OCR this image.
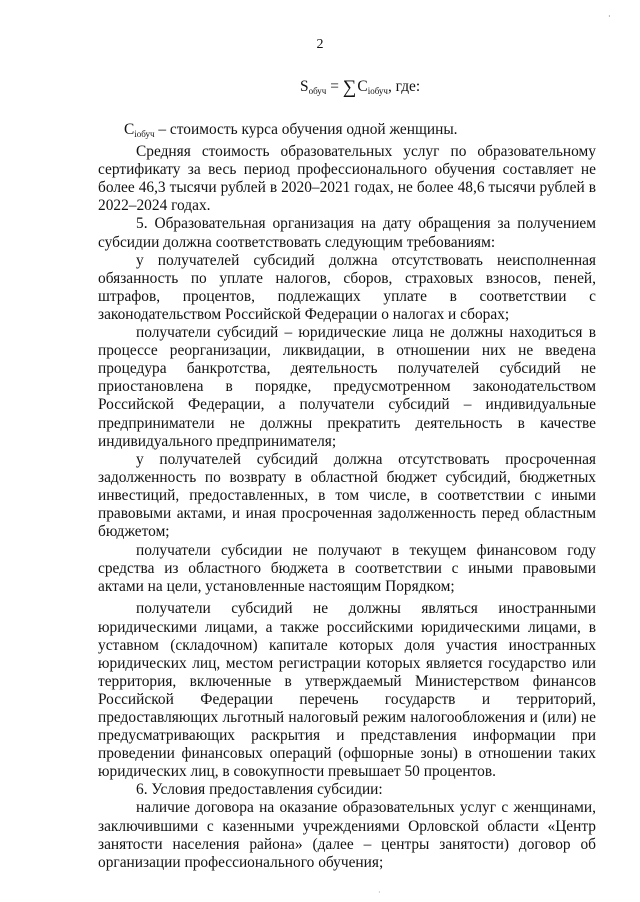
·
2
$S_{обуч} = \sum C_{iобуч}$, где:

$C_{iобуч}$ – стоимость курса обучения одной женщины.

Средняя стоимость образовательных услуг по образовательному сертификату за весь период профессионального обучения составляет не более 46,3 тысячи рублей в 2020–2021 годах, не более 48,6 тысячи рублей в 2022–2024 годах.

5. Образовательная организация на дату обращения за получением субсидии должна соответствовать следующим требованиям:

у получателей субсидий должна отсутствовать неисполненная обязанность по уплате налогов, сборов, страховых взносов, пеней, штрафов, процентов, подлежащих уплате в соответствии с законодательством Российской Федерации о налогах и сборах;

получатели субсидий – юридические лица не должны находиться в процессе реорганизации, ликвидации, в отношении них не введена процедура банкротства, деятельность получателей субсидий не приостановлена в порядке, предусмотренном законодательством Российской Федерации, а получатели субсидий – индивидуальные предприниматели не должны прекратить деятельность в качестве индивидуального предпринимателя;

у получателей субсидий должна отсутствовать просроченная задолженность по возврату в областной бюджет субсидий, бюджетных инвестиций, предоставленных, в том числе, в соответствии с иными правовыми актами, и иная просроченная задолженность перед областным бюджетом;

получатели субсидии не получают в текущем финансовом году средства из областного бюджета в соответствии с иными правовыми актами на цели, установленные настоящим Порядком;

получатели субсидий не должны являться иностранными юридическими лицами, а также российскими юридическими лицами, в уставном (складочном) капитале которых доля участия иностранных юридических лиц, местом регистрации которых является государство или территория, включенные в утверждаемый Министерством финансов Российской Федерации перечень государств и территорий, предоставляющих льготный налоговый режим налогообложения и (или) не предусматривающих раскрытия и представления информации при проведении финансовых операций (офшорные зоны) в отношении таких юридических лиц, в совокупности превышает 50 процентов.

6. Условия предоставления субсидии:

наличие договора на оказание образовательных услуг с женщинами, заключившими с казенными учреждениями Орловской области «Центр занятости населения района» (далее – центры занятости) договор об организации профессионального обучения;

·
